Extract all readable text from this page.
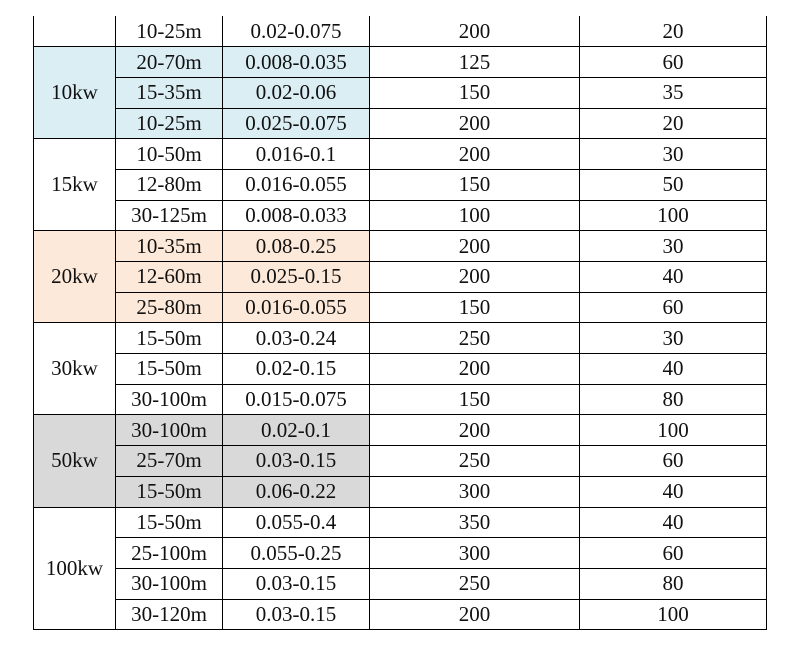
	10-25m	0.02-0.075	200	20
10kw	20-70m	0.008-0.035	125	60
	15-35m	0.02-0.06	150	35
	10-25m	0.025-0.075	200	20
15kw	10-50m	0.016-0.1	200	30
	12-80m	0.016-0.055	150	50
	30-125m	0.008-0.033	100	100
20kw	10-35m	0.08-0.25	200	30
	12-60m	0.025-0.15	200	40
	25-80m	0.016-0.055	150	60
30kw	15-50m	0.03-0.24	250	30
	15-50m	0.02-0.15	200	40
	30-100m	0.015-0.075	150	80
50kw	30-100m	0.02-0.1	200	100
	25-70m	0.03-0.15	250	60
	15-50m	0.06-0.22	300	40
100kw	15-50m	0.055-0.4	350	40
	25-100m	0.055-0.25	300	60
	30-100m	0.03-0.15	250	80
	30-120m	0.03-0.15	200	100
